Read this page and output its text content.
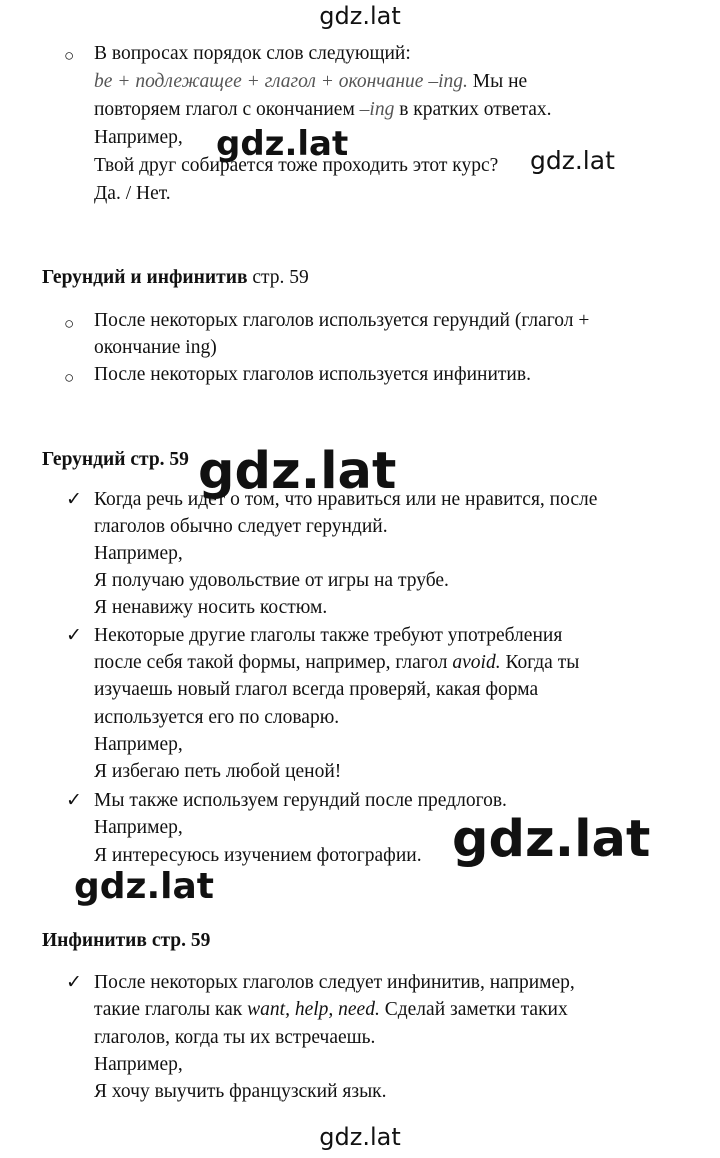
○ В вопросах порядок слов следующий:
be + подлежащее + глагол + окончание –ing. Мы не
повторяем глагол с окончанием –ing в кратких ответах.
Например,
Твой друг собирается тоже проходить этот курс?
Да. / Нет.
Герундий и инфинитив стр. 59
○ После некоторых глаголов используется герундий (глагол +
окончание ing)
○ После некоторых глаголов используется инфинитив.
Герундий стр. 59
✓ Когда речь идет о том, что нравиться или не нравится, после
глаголов обычно следует герундий.
Например,
Я получаю удовольствие от игры на трубе.
Я ненавижу носить костюм.
✓ Некоторые другие глаголы также требуют употребления
после себя такой формы, например, глагол avoid. Когда ты
изучаешь новый глагол всегда проверяй, какая форма
используется его по словарю.
Например,
Я избегаю петь любой ценой!
✓ Мы также используем герундий после предлогов.
Например,
Я интересуюсь изучением фотографии.
Инфинитив стр. 59
✓ После некоторых глаголов следует инфинитив, например,
такие глаголы как want, help, need. Сделай заметки таких
глаголов, когда ты их встречаешь.
Например,
Я хочу выучить французский язык.
gdz.lat
gdz.lat	gdz.lat
gdz.lat
gdz.lat
gdz.lat
gdz.lat
